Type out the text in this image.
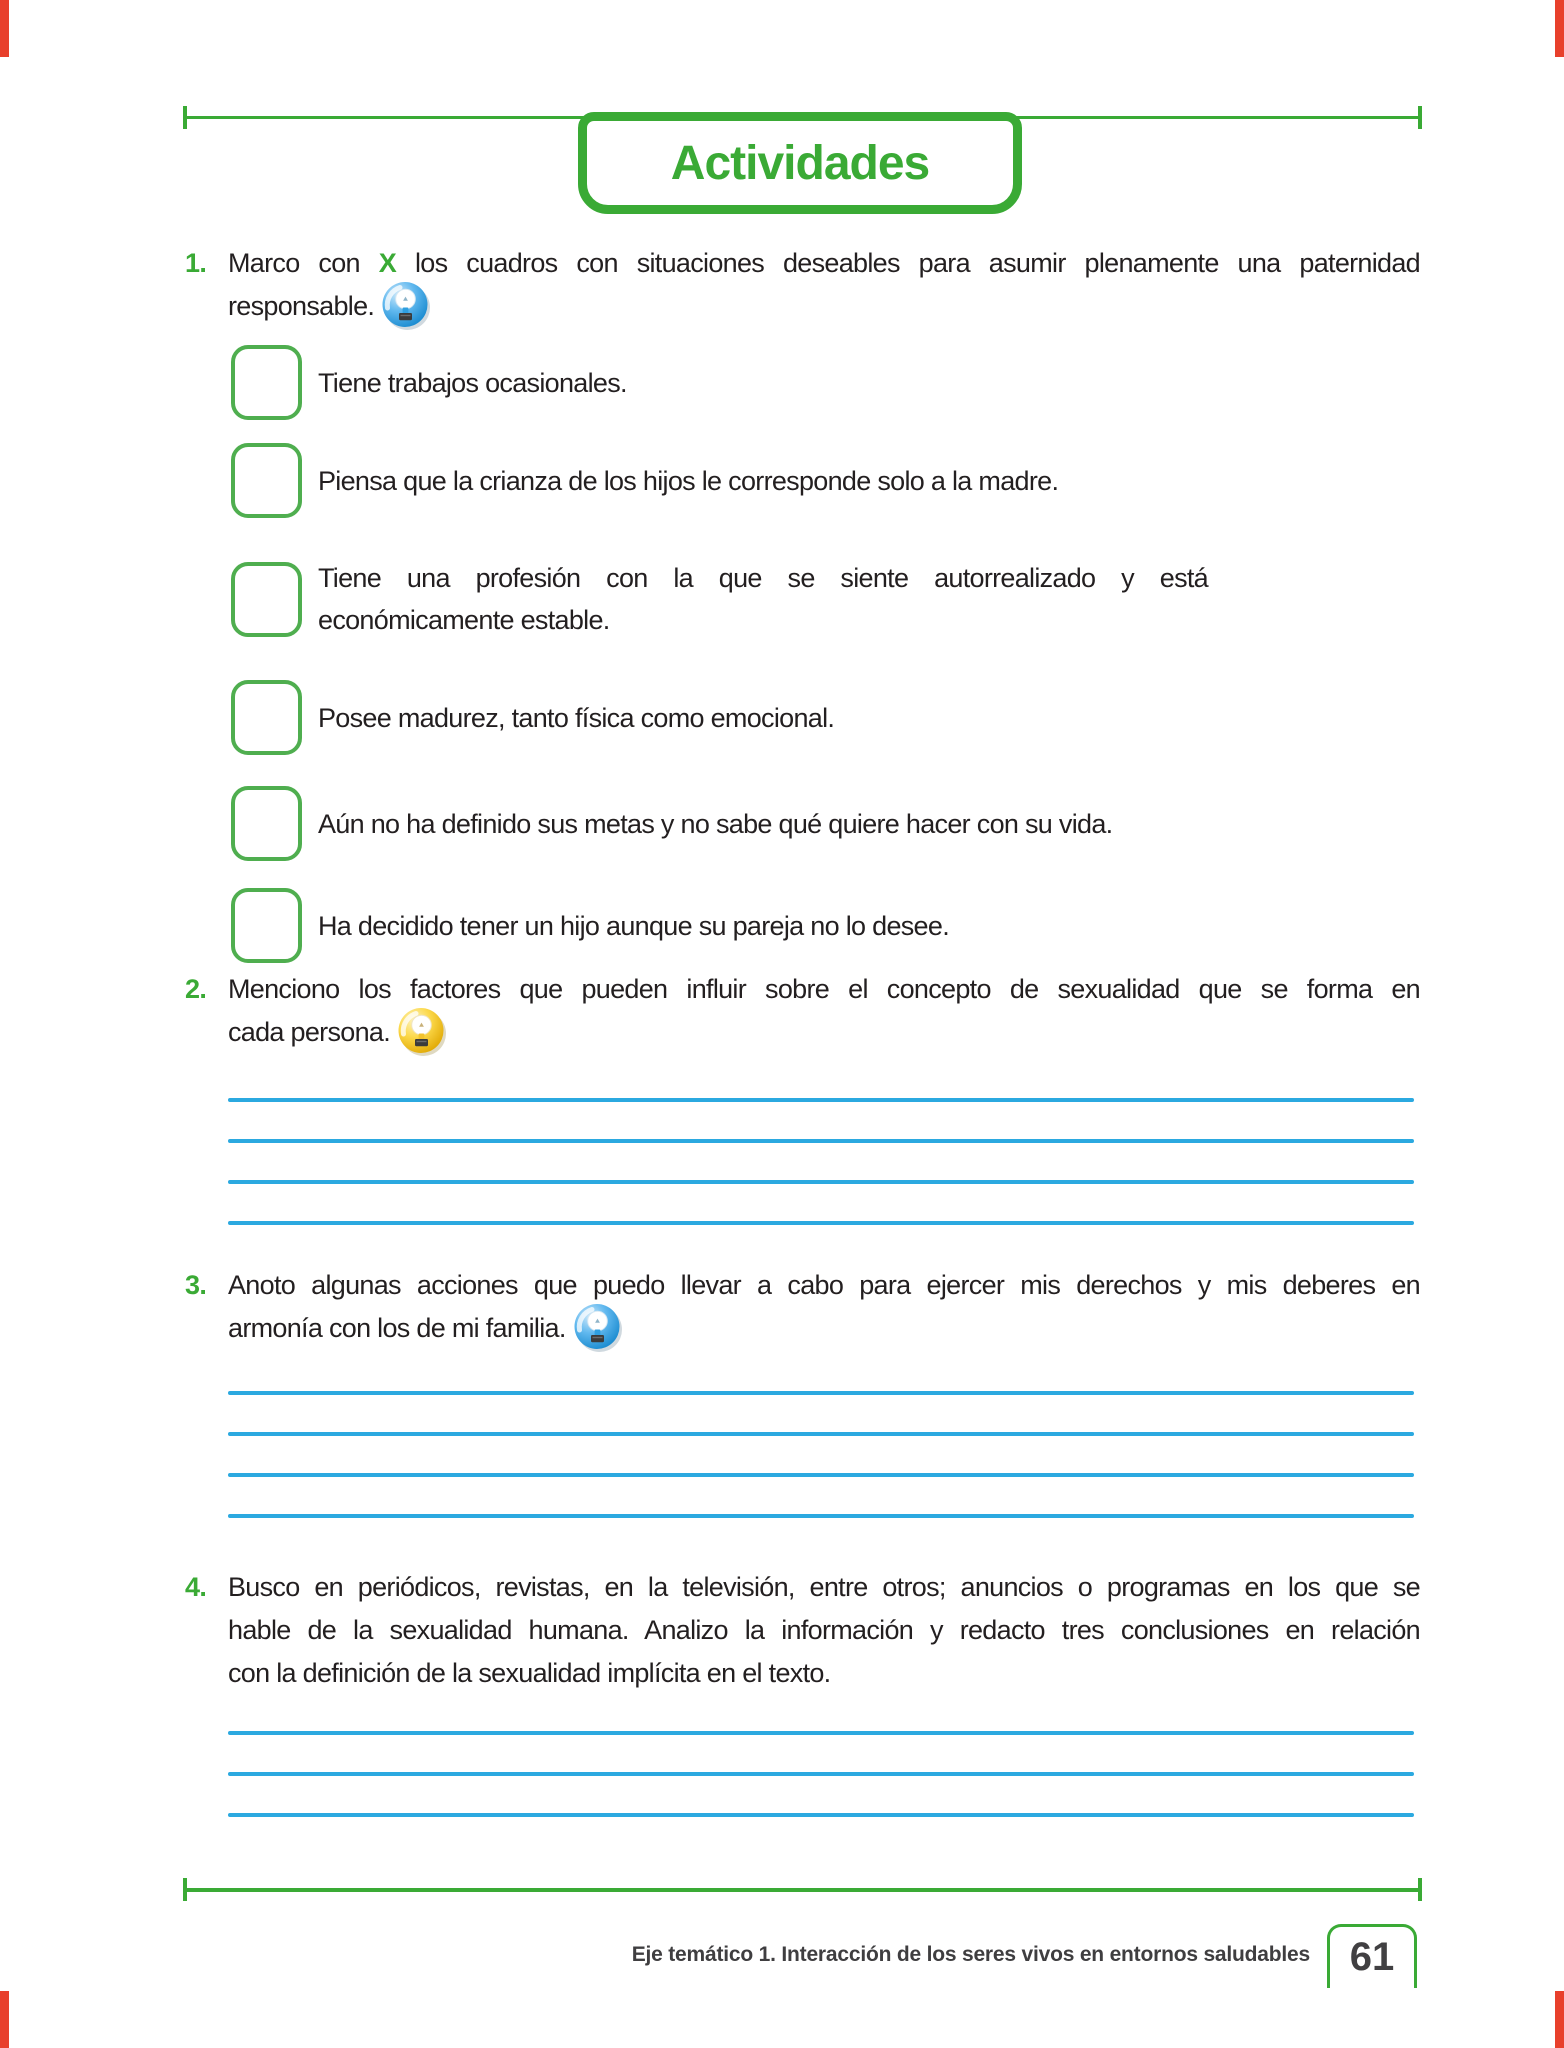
Actividades
1. Marco con X los cuadros con situaciones deseables para asumir plenamente una paternidad
responsable.
Tiene trabajos ocasionales.
Piensa que la crianza de los hijos le corresponde solo a la madre.
Tiene una profesión con la que se siente autorrealizado y está
económicamente estable.
Posee madurez, tanto física como emocional.
Aún no ha definido sus metas y no sabe qué quiere hacer con su vida.
Ha decidido tener un hijo aunque su pareja no lo desee.
2. Menciono los factores que pueden influir sobre el concepto de sexualidad que se forma en
cada persona.
3. Anoto algunas acciones que puedo llevar a cabo para ejercer mis derechos y mis deberes en
armonía con los de mi familia.
4. Busco en periódicos, revistas, en la televisión, entre otros; anuncios o programas en los que se
hable de la sexualidad humana. Analizo la información y redacto tres conclusiones en relación
con la definición de la sexualidad implícita en el texto.
Eje temático 1. Interacción de los seres vivos en entornos saludables 61
